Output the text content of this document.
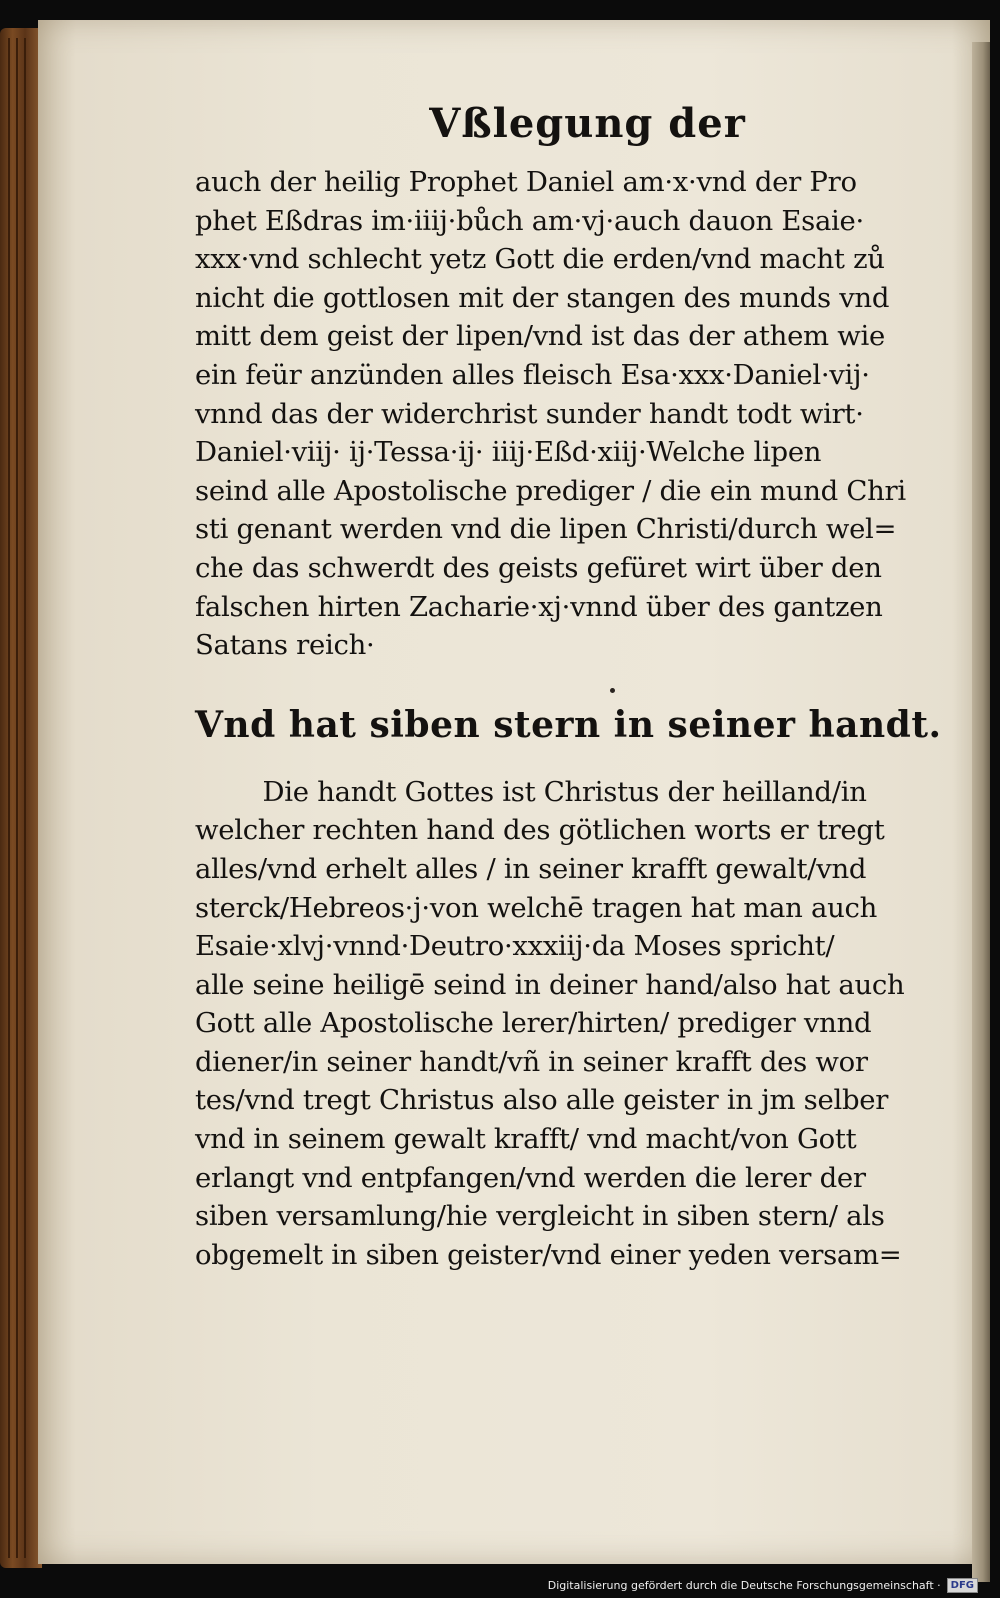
Vßlegung der

auch der heilig Prophet Daniel am·x·vnd der Pro

phet Eßdras im·iiij·bůch am·vj·auch dauon Esaie·

xxx·vnd schlecht yetz Gott die erden/vnd macht zů

nicht die gottlosen mit der stangen des munds vnd

mitt dem geist der lipen/vnd ist das der athem wie

ein feür anzünden alles fleisch Esa·xxx·Daniel·vij·

vnnd das der widerchrist sunder handt todt wirt·

Daniel·viij· ij·Tessa·ij· iiij·Eßd·xiij·Welche lipen

seind alle Apostolische prediger / die ein mund Chri

sti genant werden vnd die lipen Christi/durch wel=

che das schwerdt des geists gefüret wirt über den

falschen hirten Zacharie·xj·vnnd über des gantzen

Satans reich·

Vnd hat siben stern in seiner handt.

Die handt Gottes ist Christus der heilland/in

welcher rechten hand des götlichen worts er tregt

alles/vnd erhelt alles / in seiner krafft gewalt/vnd

sterck/Hebreos·j·von welchē tragen hat man auch

Esaie·xlvj·vnnd·Deutro·xxxiij·da Moses spricht/

alle seine heiligē seind in deiner hand/also hat auch

Gott alle Apostolische lerer/hirten/ prediger vnnd

diener/in seiner handt/vñ in seiner krafft des wor

tes/vnd tregt Christus also alle geister in jm selber

vnd in seinem gewalt krafft/ vnd macht/von Gott

erlangt vnd entpfangen/vnd werden die lerer der

siben versamlung/hie vergleicht in siben stern/ als

obgemelt in siben geister/vnd einer yeden versam=

Digitalisierung gefördert durch die Deutsche Forschungsgemeinschaft ·	DFG
